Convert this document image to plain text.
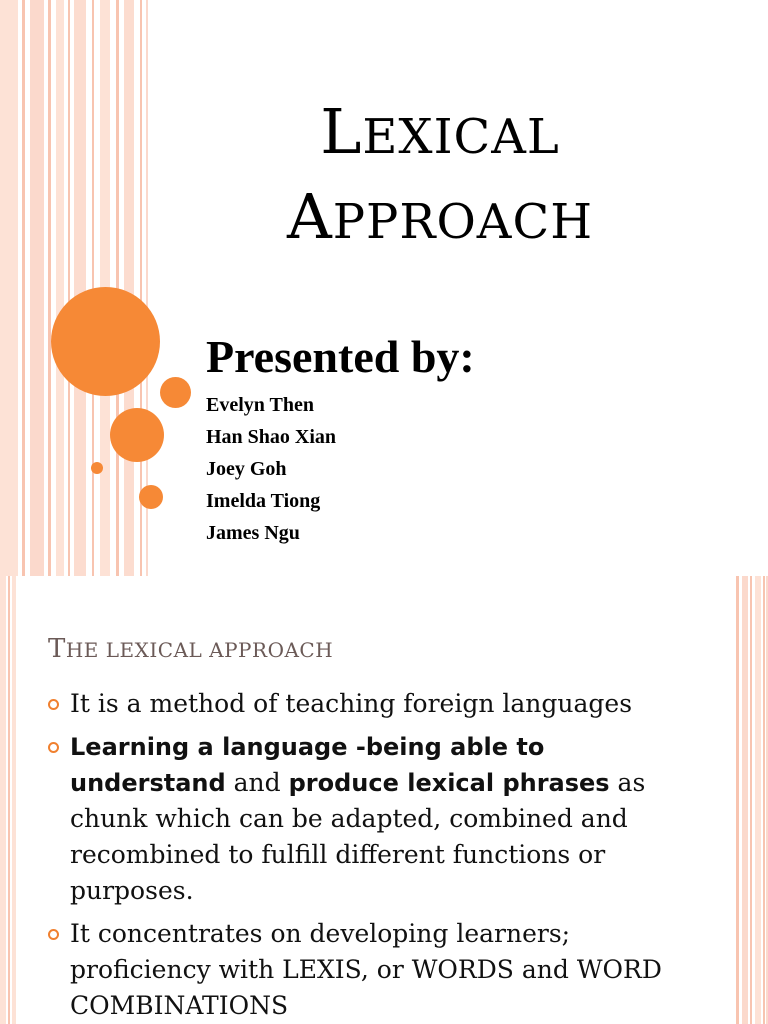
LEXICAL
APPROACH
Presented by:
Evelyn Then
Han Shao Xian
Joey Goh
Imelda Tiong
James Ngu
THE LEXICAL APPROACH
It is a method of teaching foreign languages
Learning a language -being able to understand and produce lexical phrases as chunk which can be adapted, combined and recombined to fulfill different functions or purposes.
It concentrates on developing learners; proficiency with LEXIS, or WORDS and WORD COMBINATIONS
